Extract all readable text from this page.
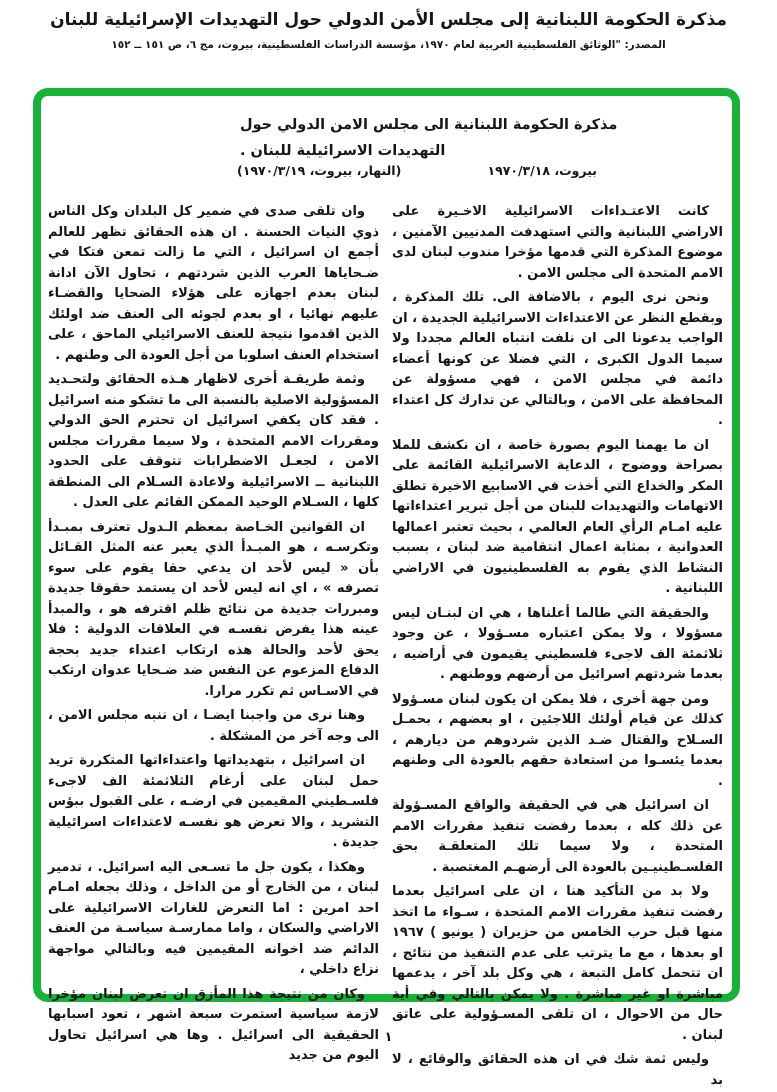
مذكرة الحكومة اللبنانية إلى مجلس الأمن الدولي حول التهديدات الإسرائيلية للبنان
المصدر: "الوثائق الفلسطينية العربية لعام ١٩٧٠، مؤسسة الدراسات الفلسطينية، بيروت، مج ٦، ص ١٥١ ــ ١٥٢
مذكرة الحكومة اللبنانية الى مجلس الامن الدولي حول
التهديدات الاسرائيلية للبنان .
بيروت، ١٩٧٠/٣/١٨
(النهار، بيروت، ١٩٧٠/٣/١٩)

كانت الاعتـداءات الاسرائيلية الاخـيرة على الاراضي اللبنانية والتي استهدفت المدنيين الآمنين ، موضوع المذكرة التي قدمها مؤخرا مندوب لبنان لدى الامم المتحدة الى مجلس الامن .

ونحن نرى اليوم ، بالاضافة الى. تلك المذكرة ، وبقطع النظر عن الاعتداءات الاسرائيلية الجديدة ، ان الواجب يدعونا الى ان نلفت انتباه العالم مجددا ولا سيما الدول الكبرى ، التي فضلا عن كونها أعضاء دائمة في مجلس الامن ، فهي مسؤولة عن المحافظة على الامن ، وبالتالي عن تدارك كل اعتداء .

ان ما يهمنا اليوم بصورة خاصة ، ان نكشف للملا بصراحة ووضوح ، الدعاية الاسرائيلية القائمة على المكر والخداع التي أخذت في الاسابيع الاخيرة تطلق الاتهامات والتهديدات للبنان من أجل تبرير اعتداءاتها عليه امـام الرأي العام العالمي ، بحيث تعتبر اعمالها العدوانية ، بمثابة اعمال انتقامية ضد لبنان ، بسبب النشاط الذي يقوم به الفلسطينيون في الاراضي اللبنانية .

والحقيقة التي طالما أعلناها ، هي ان لبنـان ليس مسؤولا ، ولا يمكن اعتباره مسـؤولا ، عن وجود ثلاثمئة الف لاجىء فلسطيني يقيمون في أراضيه ، بعدما شردتهم اسرائيل من أرضهم ووطنهم .

ومن جهة أخرى ، فلا يمكن ان يكون لبنان مسـؤولا كذلك عن قيام أولئك اللاجئين ، او بعضهم ، بحمـل السـلاح والقتال ضـد الذين شردوهم من ديارهم ، بعدما يئسـوا من استعادة حقهم بالعودة الى وطنهم .

ان اسرائيل هي في الحقيقة والواقع المسـؤولة عن ذلك كله ، بعدما رفضت تنفيذ مقررات الامم المتحدة ، ولا سيما تلك المتعلقـة بحق الفلسـطينيـين بالعودة الى أرضهـم المغتصبة .

ولا بد من التأكيد هنا ، ان على اسرائيل بعدما رفضت تنفيذ مقررات الامم المتحدة ، سـواء ما اتخذ منها قبل حرب الخامس من حزيران ( يونيو ) ١٩٦٧ او بعدها ، مع ما يترتب على عدم التنفيذ من نتائج ، ان تتحمل كامل التبعة ، هي وكل بلد آخر ، يدعمها مباشرة او غير مباشرة . ولا يمكن بالتالي وفي أية حال من الاحوال ، ان تلقى المسـؤولية على عاتق لبنان .

وليس ثمة شك في ان هذه الحقائق والوقائع ، لا بد

وان تلقى صدى في ضمير كل البلدان وكل الناس ذوي النيات الحسنة . ان هذه الحقائق تظهر للعالم أجمع ان اسرائيل ، التي ما زالت تمعن فتكا في ضـحاياها العرب الذين شردتهم ، تحاول الآن ادانة لبنان بعدم اجهازه على هؤلاء الضحايا والقضـاء عليهم نهائيا ، او بعدم لجوئه الى العنف ضد اولئك الذين اقدموا نتيجة للعنف الاسرائيلي الماحق ، على استخدام العنف اسلوبا من أجل العودة الى وطنهم .

وثمة طريقـة أخرى لاظهار هـذه الحقائق ولتحـديد المسؤولية الاصلية بالنسبة الى ما تشكو منه اسرائيل . فقد كان يكفي اسرائيل ان تحترم الحق الدولي ومقررات الامم المتحدة ، ولا سيما مقررات مجلس الامن ، لجعـل الاضطرابات تتوقف على الحدود اللبنانية ــ الاسرائيلية ولاعادة السـلام الى المنطقة كلها ، السـلام الوحيد الممكن القائم على العدل .

ان القوانين الخـاصة بمعظم الـدول تعترف بمبـدأ وتكرسـه ، هو المبـدأ الذي يعبر عنه المثل القـائل بأن « ليس لأحد ان يدعي حقا يقوم على سوء تصرفه » ، اي انه ليس لأحد ان يستمد حقوقا جديدة ومبررات جديدة من نتائج ظلم اقترفه هو ، والمبدأ عينه هذا يفرض نفسـه في العلاقات الدولية : فلا يحق لأحد والحالة هذه ارتكاب اعتداء جديد بحجة الدفاع المزعوم عن النفس ضد ضـحايا عدوان ارتكب في الاسـاس ثم تكرر مرارا.

وهنا نرى من واجبنا ايضـا ، ان ننبه مجلس الامن ، الى وجه آخر من المشكلة .

ان اسرائيل ، بتهديداتها واعتداءاتها المتكررة تريد حمل لبنان على أرغام الثلاثمئة الف لاجىء فلسـطيني المقيمين في ارضـه ، على القبول ببؤس التشريد ، والا تعرض هو نفسـه لاعتداءات اسرائيلية جديدة .

وهكذا ، يكون جل ما تسـعى اليه اسرائيل. ، تدمير لبنان ، من الخارج أو من الداخل ، وذلك بجعله امـام احد امرين : اما التعرض للغارات الاسرائيلية على الاراضي والسكان ، واما ممارسـة سياسـة من العنف الدائم ضد اخوانه المقيمين فيه وبالتالي مواجهة نزاع داخلي ،

وكان من نتيجة هذا المأزق ان تعرض لبنان مؤخرا لازمة سياسية استمرت سبعة اشهر ، تعود اسبابها الحقيقية الى اسرائيل . وها هي اسرائيل تحاول اليوم من جديد

١
